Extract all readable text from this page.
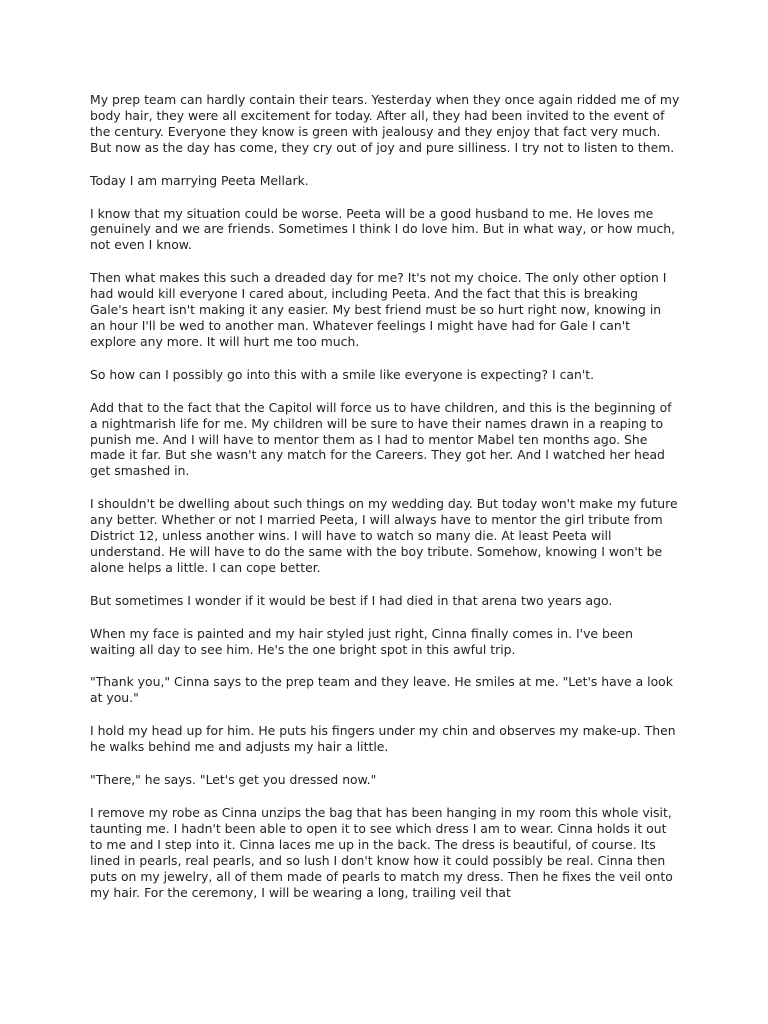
My prep team can hardly contain their tears. Yesterday when they once again ridded me of my body hair, they were all excitement for today. After all, they had been invited to the event of the century. Everyone they know is green with jealousy and they enjoy that fact very much. But now as the day has come, they cry out of joy and pure silliness. I try not to listen to them.

Today I am marrying Peeta Mellark.

I know that my situation could be worse. Peeta will be a good husband to me. He loves me genuinely and we are friends. Sometimes I think I do love him. But in what way, or how much, not even I know.

Then what makes this such a dreaded day for me? It's not my choice. The only other option I had would kill everyone I cared about, including Peeta. And the fact that this is breaking Gale's heart isn't making it any easier. My best friend must be so hurt right now, knowing in an hour I'll be wed to another man. Whatever feelings I might have had for Gale I can't explore any more. It will hurt me too much.

So how can I possibly go into this with a smile like everyone is expecting? I can't.

Add that to the fact that the Capitol will force us to have children, and this is the beginning of a nightmarish life for me. My children will be sure to have their names drawn in a reaping to punish me. And I will have to mentor them as I had to mentor Mabel ten months ago. She made it far. But she wasn't any match for the Careers. They got her. And I watched her head get smashed in.

I shouldn't be dwelling about such things on my wedding day. But today won't make my future any better. Whether or not I married Peeta, I will always have to mentor the girl tribute from District 12, unless another wins. I will have to watch so many die. At least Peeta will understand. He will have to do the same with the boy tribute. Somehow, knowing I won't be alone helps a little. I can cope better.

But sometimes I wonder if it would be best if I had died in that arena two years ago.

When my face is painted and my hair styled just right, Cinna finally comes in. I've been waiting all day to see him. He's the one bright spot in this awful trip.

"Thank you," Cinna says to the prep team and they leave. He smiles at me. "Let's have a look at you."

I hold my head up for him. He puts his fingers under my chin and observes my make-up. Then he walks behind me and adjusts my hair a little.

"There," he says. "Let's get you dressed now."

I remove my robe as Cinna unzips the bag that has been hanging in my room this whole visit, taunting me. I hadn't been able to open it to see which dress I am to wear. Cinna holds it out to me and I step into it. Cinna laces me up in the back. The dress is beautiful, of course. Its lined in pearls, real pearls, and so lush I don't know how it could possibly be real. Cinna then puts on my jewelry, all of them made of pearls to match my dress. Then he fixes the veil onto my hair. For the ceremony, I will be wearing a long, trailing veil that
